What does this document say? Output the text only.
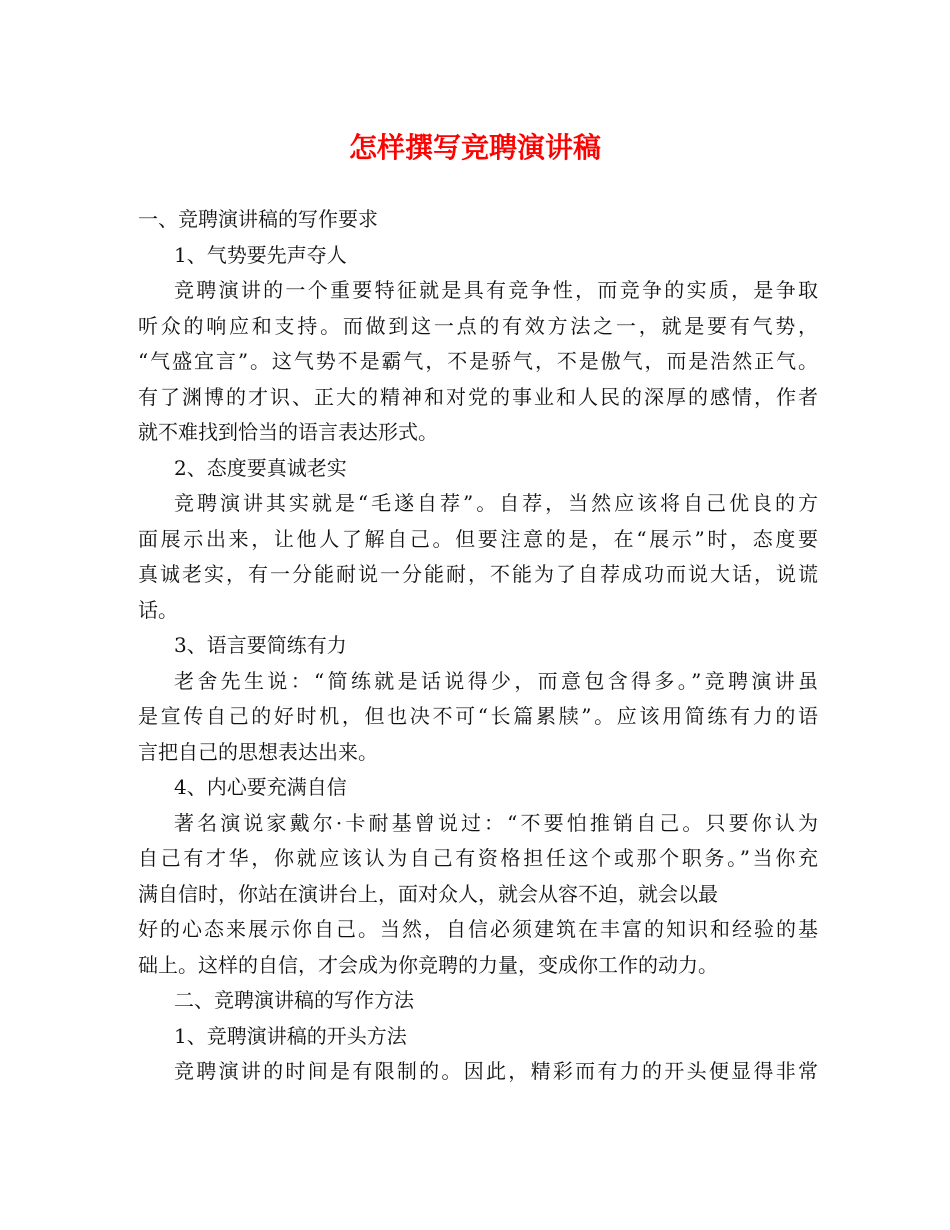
怎样撰写竞聘演讲稿
一、竞聘演讲稿的写作要求
1、气势要先声夺人
竞聘演讲的一个重要特征就是具有竞争性，而竞争的实质，是争取
听众的响应和支持。而做到这一点的有效方法之一，就是要有气势，
“气盛宜言”。这气势不是霸气，不是骄气，不是傲气，而是浩然正气。
有了渊博的才识、正大的精神和对党的事业和人民的深厚的感情，作者
就不难找到恰当的语言表达形式。
2、态度要真诚老实
竞聘演讲其实就是“毛遂自荐”。自荐，当然应该将自己优良的方
面展示出来，让他人了解自己。但要注意的是，在“展示”时，态度要
真诚老实，有一分能耐说一分能耐，不能为了自荐成功而说大话，说谎
话。
3、语言要简练有力
老舍先生说：“简练就是话说得少，而意包含得多。”竞聘演讲虽
是宣传自己的好时机，但也决不可“长篇累牍”。应该用简练有力的语
言把自己的思想表达出来。
4、内心要充满自信
著名演说家戴尔·卡耐基曾说过：“不要怕推销自己。只要你认为
自己有才华，你就应该认为自己有资格担任这个或那个职务。”当你充
满自信时，你站在演讲台上，面对众人，就会从容不迫，就会以最
好的心态来展示你自己。当然，自信必须建筑在丰富的知识和经验的基
础上。这样的自信，才会成为你竞聘的力量，变成你工作的动力。
二、竞聘演讲稿的写作方法
1、竞聘演讲稿的开头方法
竞聘演讲的时间是有限制的。因此，精彩而有力的开头便显得非常
